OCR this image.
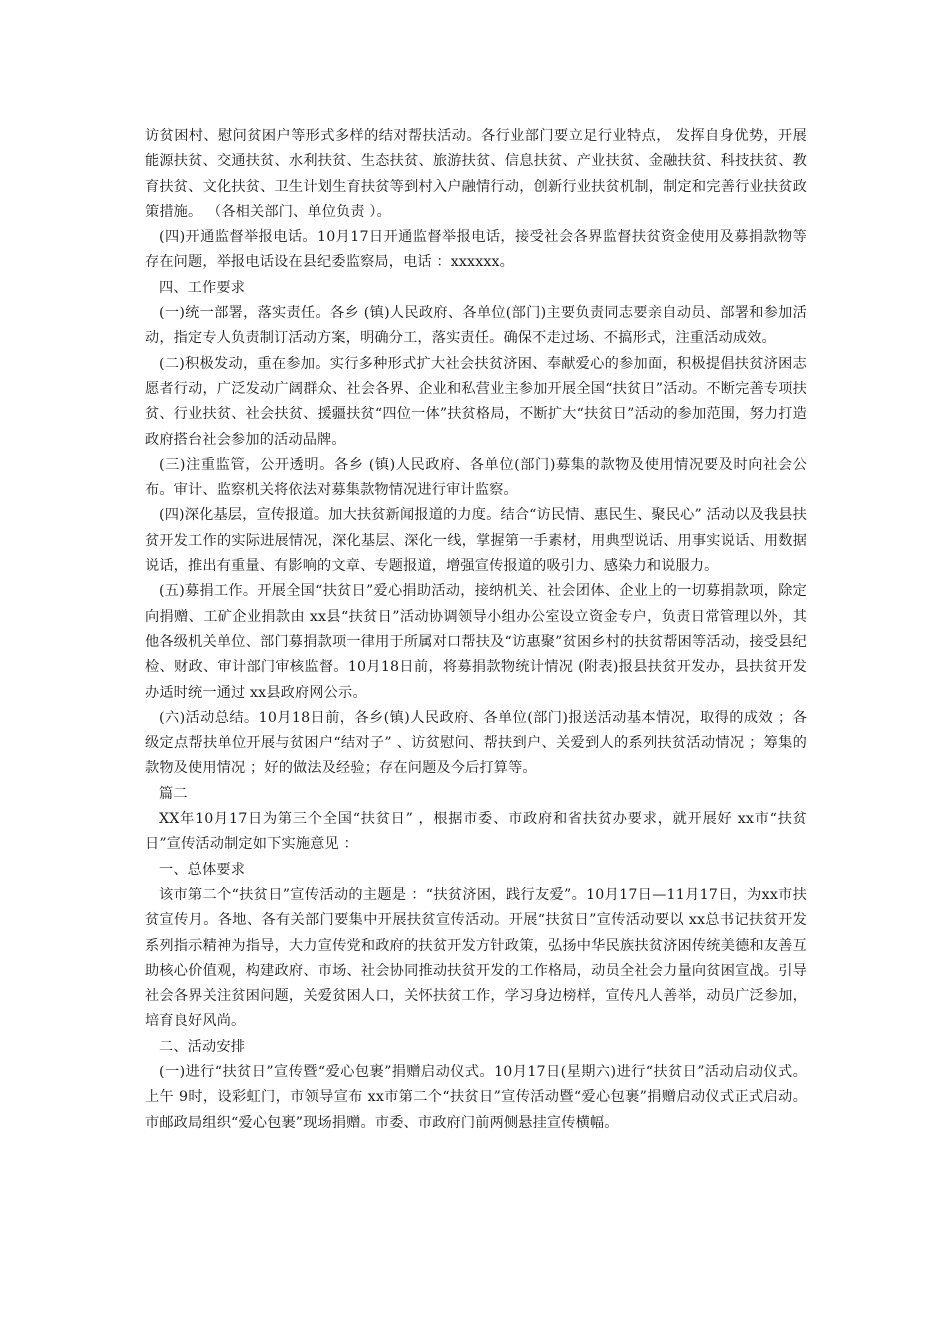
访贫困村、慰问贫困户等形式多样的结对帮扶活动。各行业部门要立足行业特点， 发挥自身优势，开展能源扶贫、交通扶贫、水利扶贫、生态扶贫、旅游扶贫、信息扶贫、产业扶贫、金融扶贫、科技扶贫、教育扶贫、文化扶贫、卫生计划生育扶贫等到村入户融情行动，创新行业扶贫机制，制定和完善行业扶贫政策措施。 （各相关部门、单位负责 ）。

(四)开通监督举报电话。10月17日开通监督举报电话，接受社会各界监督扶贫资金使用及募捐款物等存在问题，举报电话设在县纪委监察局，电话 ：xxxxxx。

四、工作要求

(一)统一部署，落实责任。各乡 (镇)人民政府、各单位(部门)主要负责同志要亲自动员、部署和参加活动，指定专人负责制订活动方案，明确分工，落实责任。确保不走过场、不搞形式，注重活动成效。

(二)积极发动，重在参加。实行多种形式扩大社会扶贫济困、奉献爱心的参加面，积极提倡扶贫济困志愿者行动，广泛发动广阔群众、社会各界、企业和私营业主参加开展全国“扶贫日”活动。不断完善专项扶贫、行业扶贫、社会扶贫、援疆扶贫“四位一体”扶贫格局，不断扩大“扶贫日”活动的参加范围，努力打造政府搭台社会参加的活动品牌。

(三)注重监管，公开透明。各乡 (镇)人民政府、各单位(部门)募集的款物及使用情况要及时向社会公布。审计、监察机关将依法对募集款物情况进行审计监察。

(四)深化基层，宣传报道。加大扶贫新闻报道的力度。结合“访民情、惠民生、聚民心” 活动以及我县扶贫开发工作的实际进展情况，深化基层、深化一线，掌握第一手素材，用典型说话、用事实说话、用数据说话，推出有重量、有影响的文章、专题报道，增强宣传报道的吸引力、感染力和说服力。

(五)募捐工作。开展全国“扶贫日”爱心捐助活动，接纳机关、社会团体、企业上的一切募捐款项，除定向捐赠、工矿企业捐款由 xx县“扶贫日”活动协调领导小组办公室设立资金专户，负责日常管理以外，其他各级机关单位、部门募捐款项一律用于所属对口帮扶及“访惠聚”贫困乡村的扶贫帮困等活动，接受县纪检、财政、审计部门审核监督。10月18日前，将募捐款物统计情况 (附表)报县扶贫开发办，县扶贫开发办适时统一通过 xx县政府网公示。

(六)活动总结。10月18日前，各乡(镇)人民政府、各单位(部门)报送活动基本情况，取得的成效 ；各级定点帮扶单位开展与贫困户“结对子” 、访贫慰问、帮扶到户、关爱到人的系列扶贫活动情况 ；筹集的款物及使用情况 ；好的做法及经验；存在问题及今后打算等。

篇二

XX年10月17日为第三个全国“扶贫日” ，根据市委、市政府和省扶贫办要求，就开展好 xx市“扶贫日”宣传活动制定如下实施意见 ：

一、总体要求

该市第二个“扶贫日”宣传活动的主题是 ：“扶贫济困，践行友爱”。10月17日—11月17日，为xx市扶贫宣传月。各地、各有关部门要集中开展扶贫宣传活动。开展“扶贫日”宣传活动要以 xx总书记扶贫开发系列指示精神为指导，大力宣传党和政府的扶贫开发方针政策，弘扬中华民族扶贫济困传统美德和友善互助核心价值观，构建政府、市场、社会协同推动扶贫开发的工作格局，动员全社会力量向贫困宣战。引导社会各界关注贫困问题，关爱贫困人口，关怀扶贫工作，学习身边榜样，宣传凡人善举，动员广泛参加，培育良好风尚。

二、活动安排

(一)进行“扶贫日”宣传暨“爱心包裹”捐赠启动仪式。10月17日(星期六)进行“扶贫日”活动启动仪式。上午 9时，设彩虹门，市领导宣布 xx市第二个“扶贫日”宣传活动暨“爱心包裹”捐赠启动仪式正式启动。 市邮政局组织“爱心包裹”现场捐赠。市委、市政府门前两侧悬挂宣传横幅。
